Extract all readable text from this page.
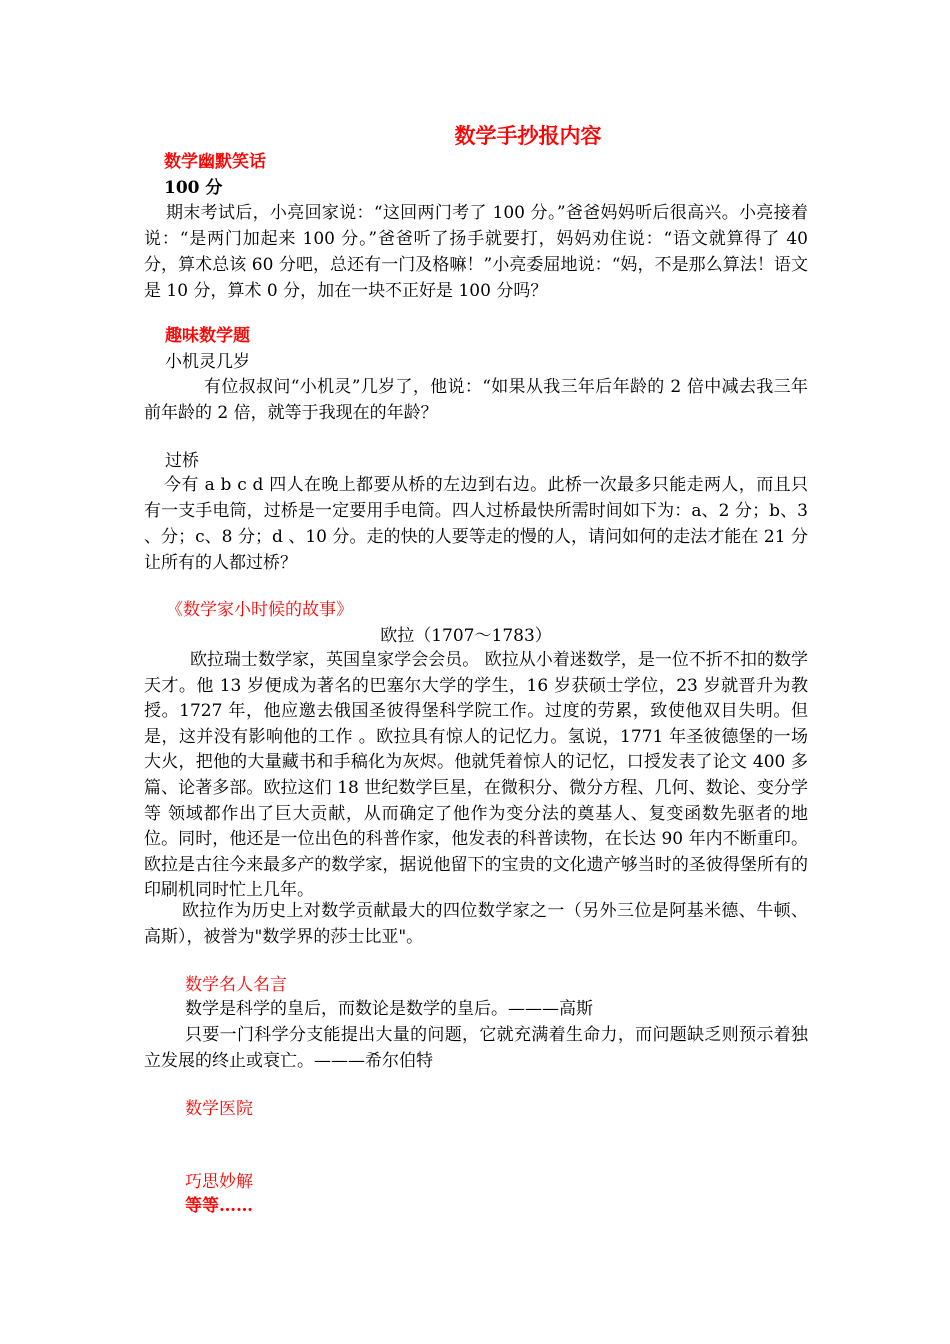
数学手抄报内容
数学幽默笑话
100 分

期末考试后，小亮回家说：“这回两门考了 100 分。”爸爸妈妈听后很高兴。小亮接着说：“是两门加起来 100 分。”爸爸听了扬手就要打，妈妈劝住说：“语文就算得了 40 分，算术总该 60 分吧，总还有一门及格嘛！”小亮委屈地说：“妈，不是那么算法！语文是 10 分，算术 0 分，加在一块不正好是 100 分吗？

趣味数学题
小机灵几岁

有位叔叔问“小机灵”几岁了，他说：“如果从我三年后年龄的 2 倍中减去我三年前年龄的 2 倍，就等于我现在的年龄？

过桥

今有 a b c d 四人在晚上都要从桥的左边到右边。此桥一次最多只能走两人，而且只有一支手电筒，过桥是一定要用手电筒。四人过桥最快所需时间如下为：a、2 分；b、3 、分；c、8 分；d 、10 分。走的快的人要等走的慢的人，请问如何的走法才能在 21 分 让所有的人都过桥？

《数学家小时候的故事》
欧拉（1707～1783）

欧拉瑞士数学家，英国皇家学会会员。 欧拉从小着迷数学，是一位不折不扣的数学天才。他 13 岁便成为著名的巴塞尔大学的学生，16 岁获硕士学位，23 岁就晋升为教授。1727 年，他应邀去俄国圣彼得堡科学院工作。过度的劳累，致使他双目失明。但是，这并没有影响他的工作 。欧拉具有惊人的记忆力。氢说，1771 年圣彼德堡的一场大火，把他的大量藏书和手稿化为灰烬。他就凭着惊人的记忆，口授发表了论文 400 多篇、论著多部。欧拉这们 18 世纪数学巨星，在微积分、微分方程、几何、数论、变分学等 领域都作出了巨大贡献，从而确定了他作为变分法的奠基人、复变函数先驱者的地位。同时，他还是一位出色的科普作家，他发表的科普读物，在长达 90 年内不断重印。欧拉是古往今来最多产的数学家，据说他留下的宝贵的文化遗产够当时的圣彼得堡所有的印刷机同时忙上几年。

欧拉作为历史上对数学贡献最大的四位数学家之一（另外三位是阿基米德、牛顿、高斯），被誉为"数学界的莎士比亚"。

数学名人名言

数学是科学的皇后，而数论是数学的皇后。———高斯

只要一门科学分支能提出大量的问题，它就充满着生命力，而问题缺乏则预示着独立发展的终止或衰亡。———希尔伯特

数学医院
巧思妙解
等等……
